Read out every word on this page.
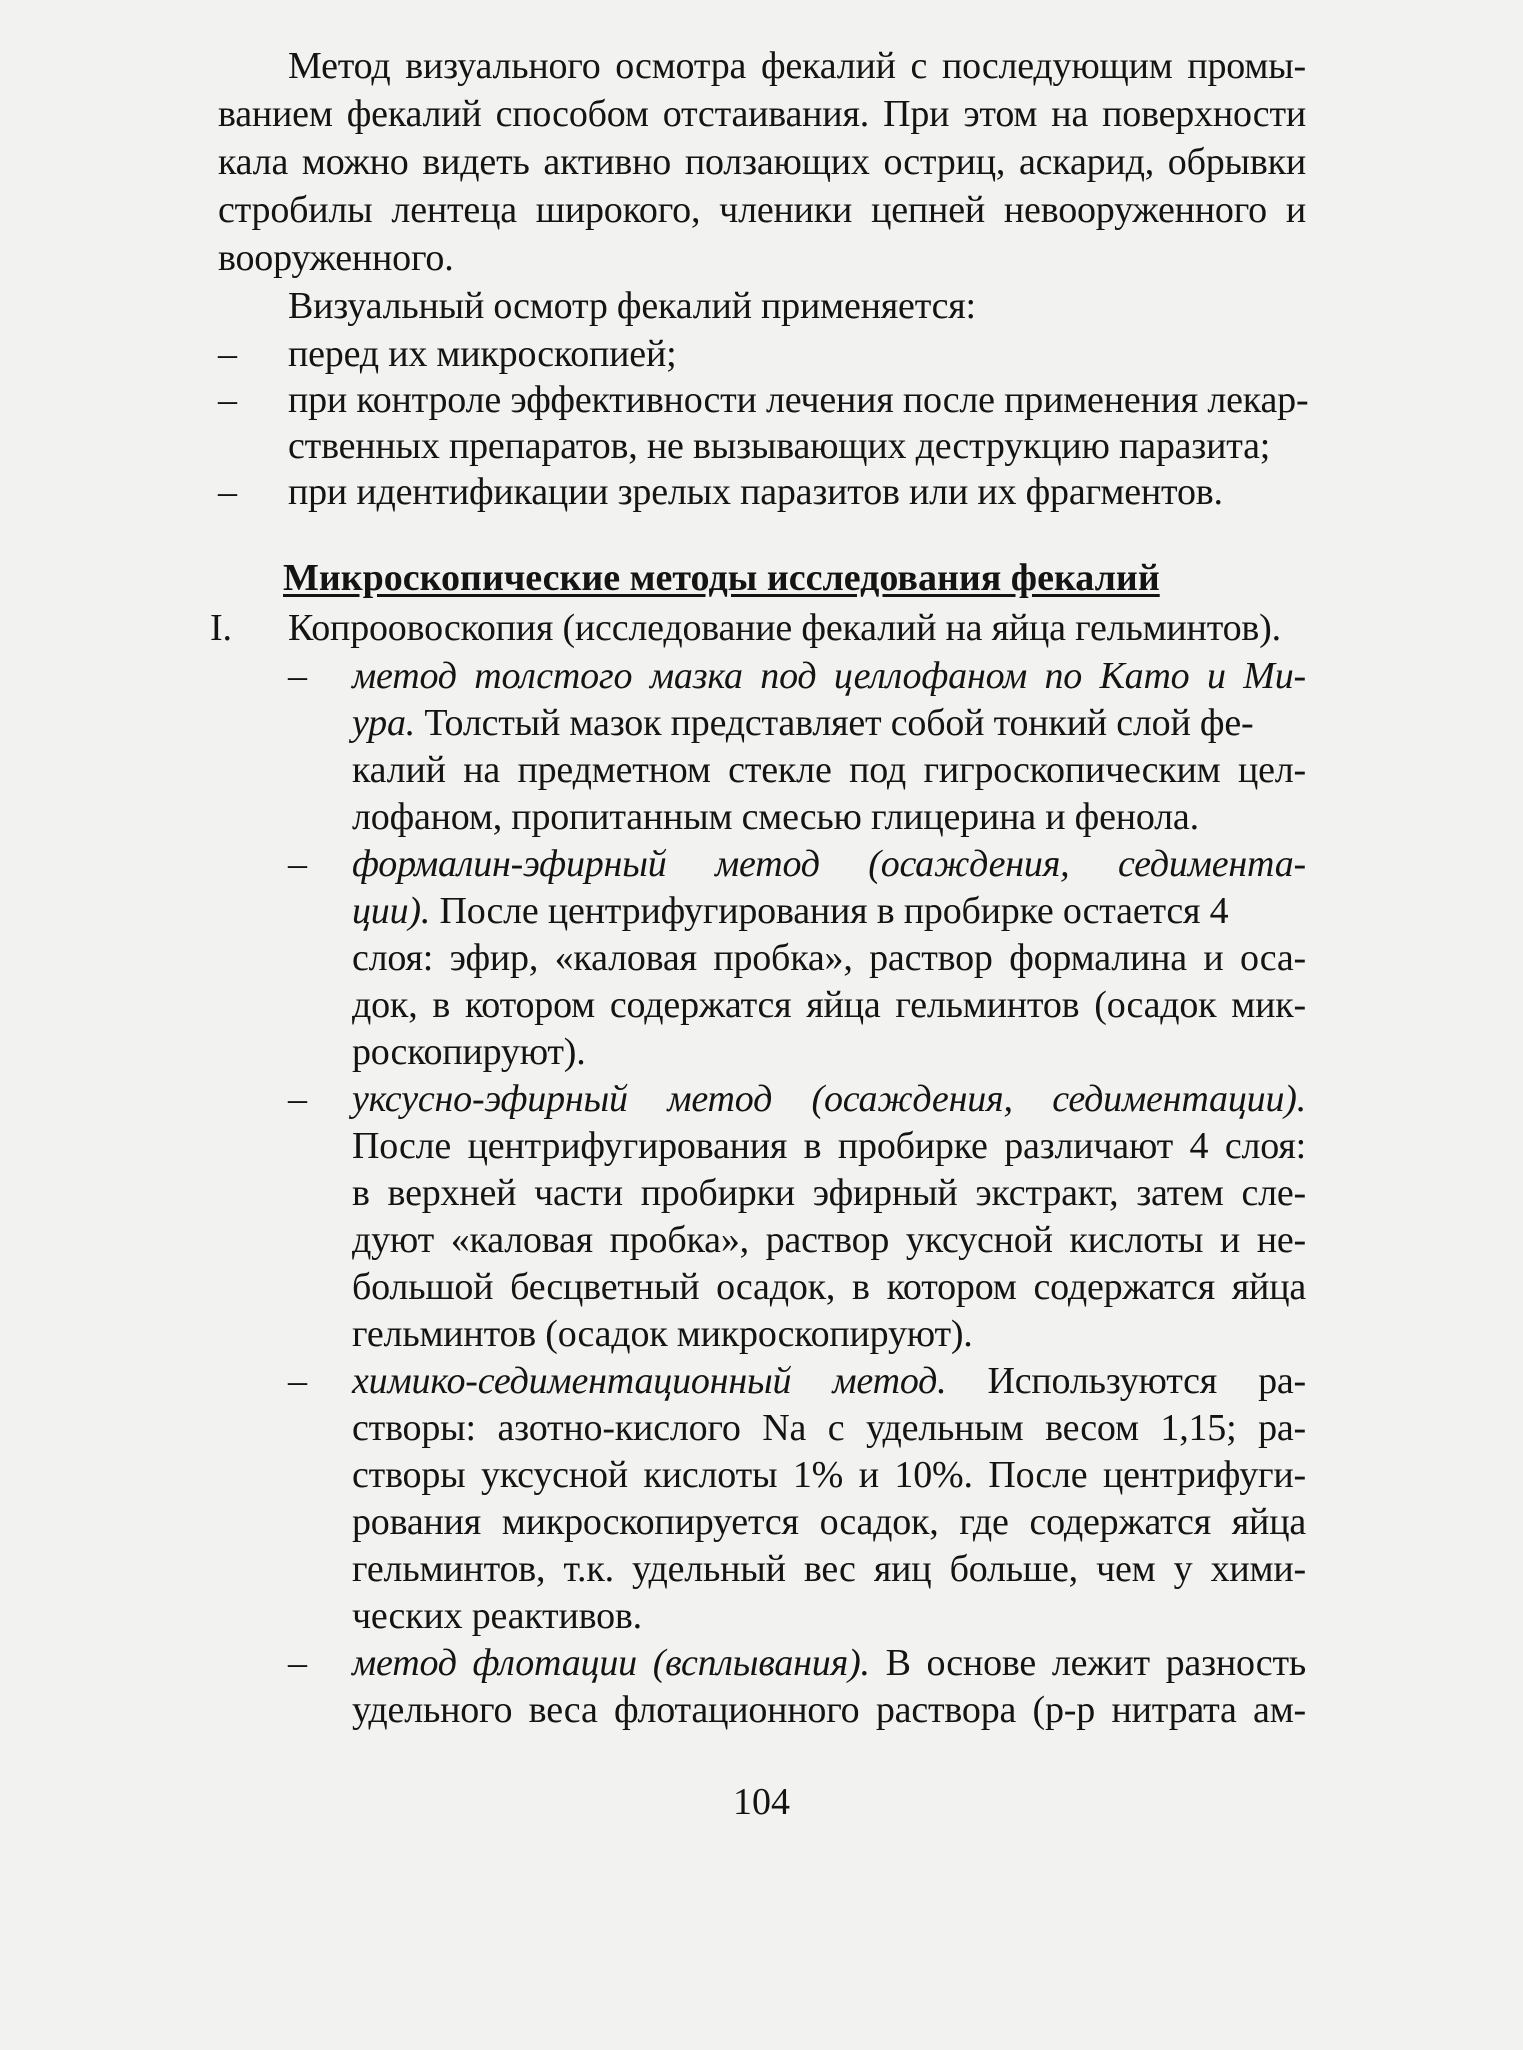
Метод визуального осмотра фекалий с последующим промы-
ванием фекалий способом отстаивания. При этом на поверхности
кала можно видеть активно ползающих остриц, аскарид, обрывки
стробилы лентеца широкого, членики цепней невооруженного и
вооруженного.
Визуальный осмотр фекалий применяется:
– перед их микроскопией;
– при контроле эффективности лечения после применения лекар-
ственных препаратов, не вызывающих деструкцию паразита;
– при идентификации зрелых паразитов или их фрагментов.
Микроскопические методы исследования фекалий
I. Копроовоскопия (исследование фекалий на яйца гельминтов).
– метод толстого мазка под целлофаном по Като и Ми-
ура. Толстый мазок представляет собой тонкий слой фе-
калий на предметном стекле под гигроскопическим цел-
лофаном, пропитанным смесью глицерина и фенола.
– формалин-эфирный метод (осаждения, седимента-
ции). После центрифугирования в пробирке остается 4
слоя: эфир, «каловая пробка», раствор формалина и оса-
док, в котором содержатся яйца гельминтов (осадок мик-
роскопируют).
– уксусно-эфирный метод (осаждения, седиментации).
После центрифугирования в пробирке различают 4 слоя:
в верхней части пробирки эфирный экстракт, затем сле-
дуют «каловая пробка», раствор уксусной кислоты и не-
большой бесцветный осадок, в котором содержатся яйца
гельминтов (осадок микроскопируют).
– химико-седиментационный метод. Используются ра-
створы: азотно-кислого Na с удельным весом 1,15; ра-
створы уксусной кислоты 1% и 10%. После центрифуги-
рования микроскопируется осадок, где содержатся яйца
гельминтов, т.к. удельный вес яиц больше, чем у хими-
ческих реактивов.
– метод флотации (всплывания). В основе лежит разность
удельного веса флотационного раствора (р-р нитрата ам-
104
